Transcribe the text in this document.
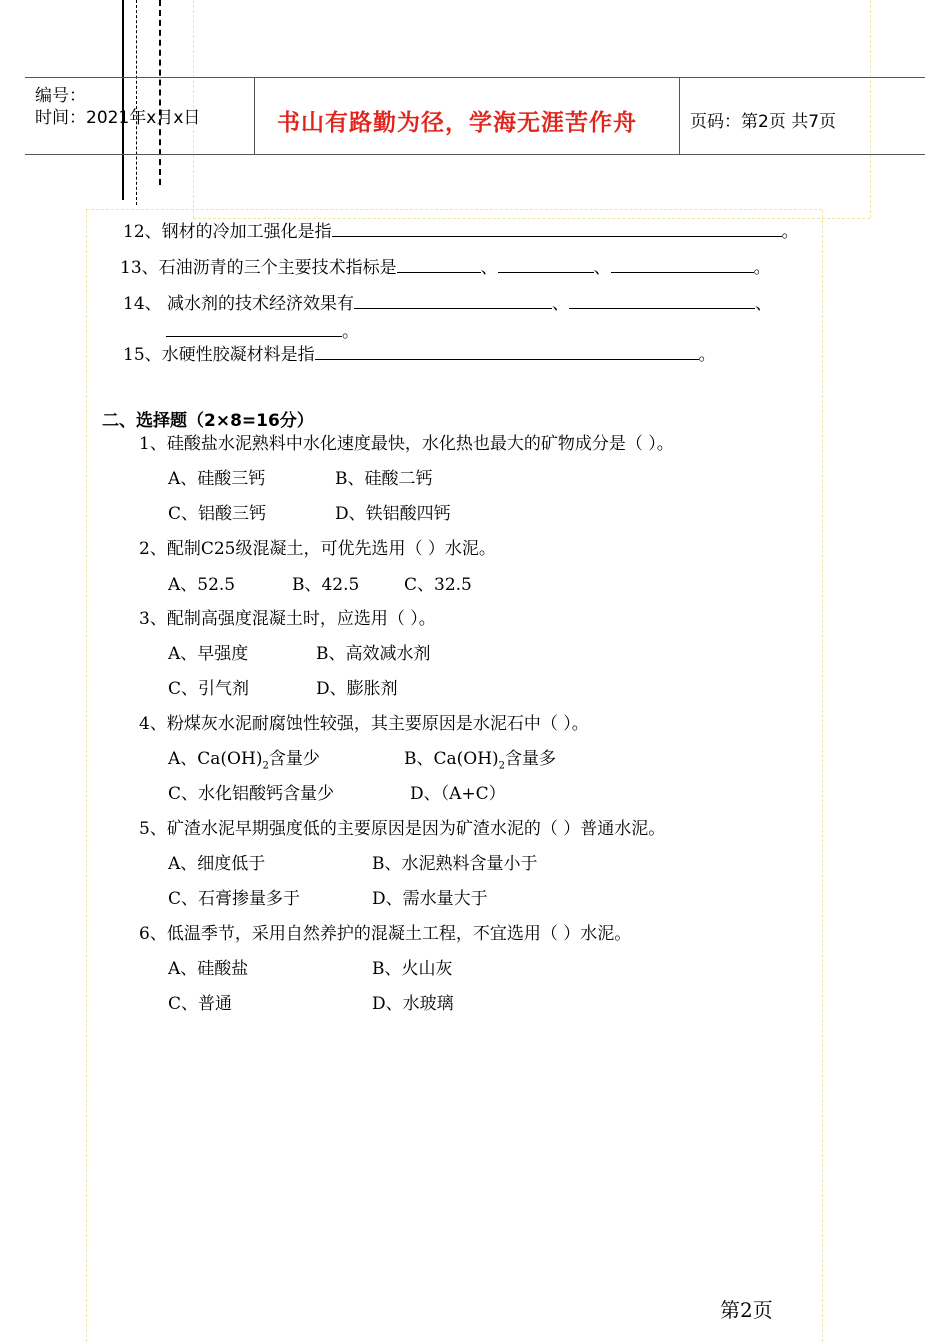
编号：
时间：2021年x月x日	书山有路勤为径，学海无涯苦作舟	页码：第2页 共7页
12、钢材的冷加工强化是指	。
13、石油沥青的三个主要技术指标是	、	、	。
14、 减水剂的技术经济效果有	、	、
。
15、水硬性胶凝材料是指	。
二、选择题（2×8=16分）
1、硅酸盐水泥熟料中水化速度最快，水化热也最大的矿物成分是（ ）。
A、硅酸三钙	B、硅酸二钙
C、铝酸三钙	D、铁铝酸四钙
2、配制C25级混凝土，可优先选用（ ）水泥。
A、52.5	B、42.5	C、32.5
3、配制高强度混凝土时，应选用（ ）。
A、早强度	B、高效减水剂
C、引气剂	D、膨胀剂
4、粉煤灰水泥耐腐蚀性较强，其主要原因是水泥石中（ ）。
A、$Ca(OH)_2$含量少	B、$Ca(OH)_2$含量多
C、水化铝酸钙含量少	D、（A+C）
5、矿渣水泥早期强度低的主要原因是因为矿渣水泥的（ ）普通水泥。
A、细度低于	B、水泥熟料含量小于
C、石膏掺量多于	D、需水量大于
6、低温季节，采用自然养护的混凝土工程，不宜选用（ ）水泥。
A、硅酸盐	B、火山灰
C、普通	D、水玻璃
第2页
